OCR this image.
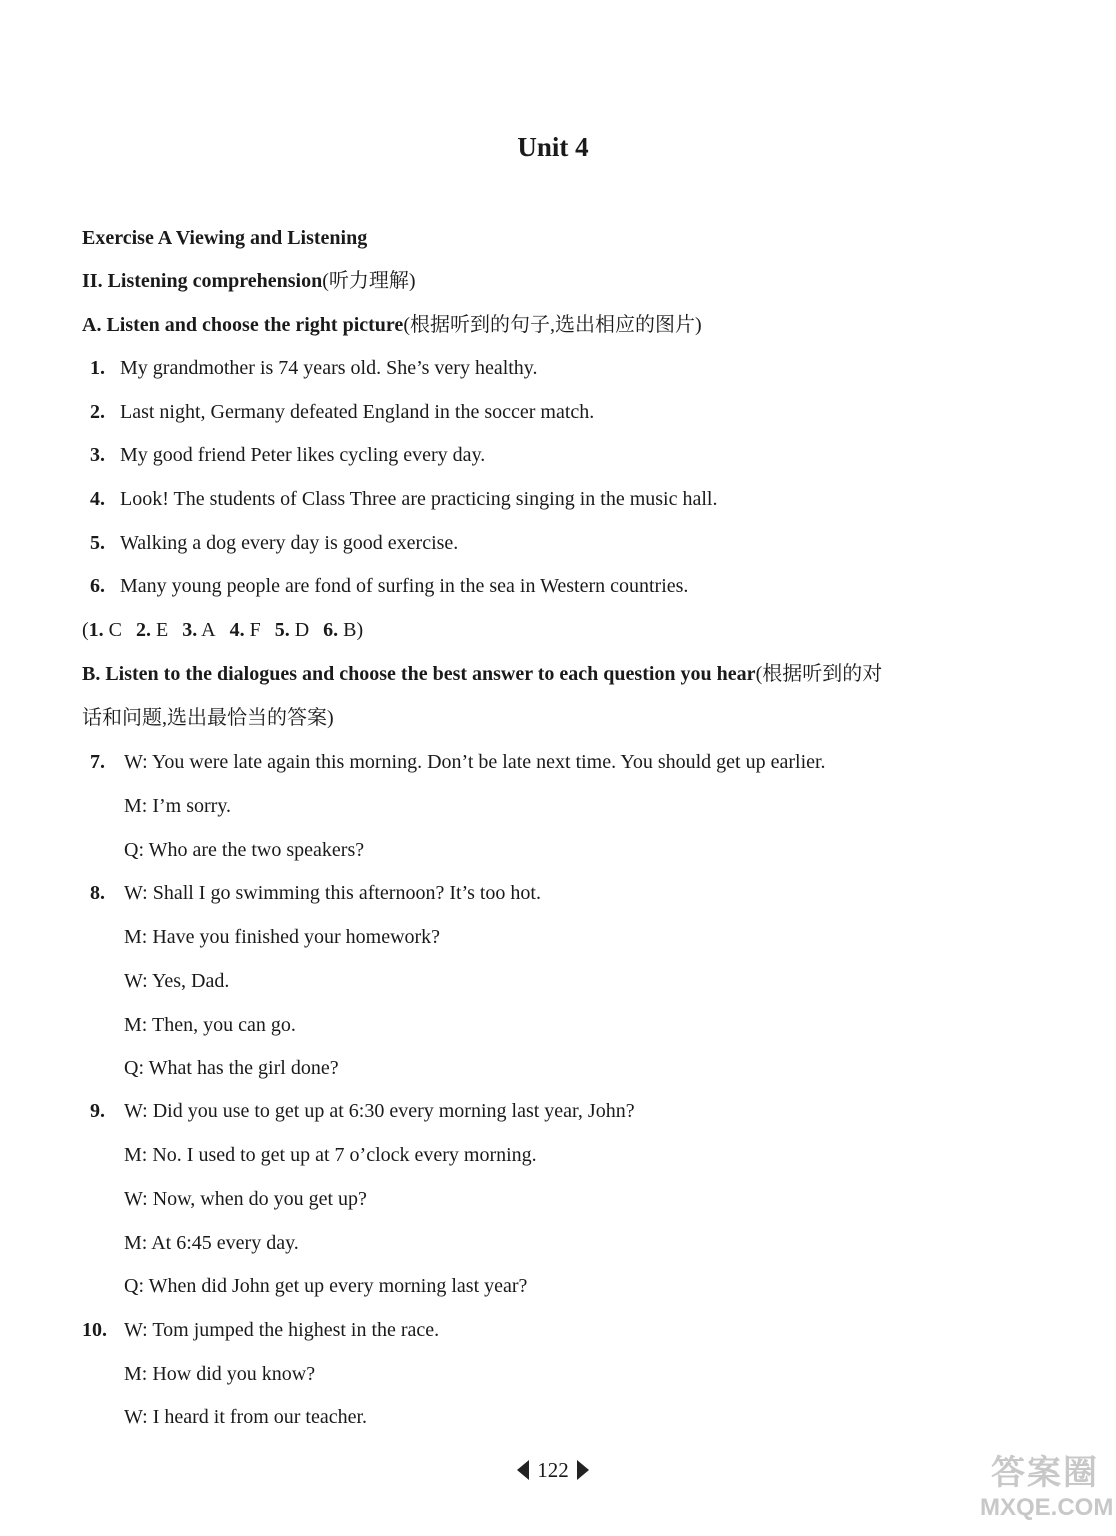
Unit 4
Exercise A Viewing and Listening
II. Listening comprehension(听力理解)
A. Listen and choose the right picture(根据听到的句子,选出相应的图片)
1. My grandmother is 74 years old. She’s very healthy.
2. Last night, Germany defeated England in the soccer match.
3. My good friend Peter likes cycling every day.
4. Look! The students of Class Three are practicing singing in the music hall.
5. Walking a dog every day is good exercise.
6. Many young people are fond of surfing in the sea in Western countries.
(1. C 2. E 3. A 4. F 5. D 6. B)
B. Listen to the dialogues and choose the best answer to each question you hear(根据听到的对
话和问题,选出最恰当的答案)
7. W: You were late again this morning. Don’t be late next time. You should get up earlier.
M: I’m sorry.
Q: Who are the two speakers?
8. W: Shall I go swimming this afternoon? It’s too hot.
M: Have you finished your homework?
W: Yes, Dad.
M: Then, you can go.
Q: What has the girl done?
9. W: Did you use to get up at 6:30 every morning last year, John?
M: No. I used to get up at 7 o’clock every morning.
W: Now, when do you get up?
M: At 6:45 every day.
Q: When did John get up every morning last year?
10. W: Tom jumped the highest in the race.
M: How did you know?
W: I heard it from our teacher.
122	答案圈
MXQE.COM
